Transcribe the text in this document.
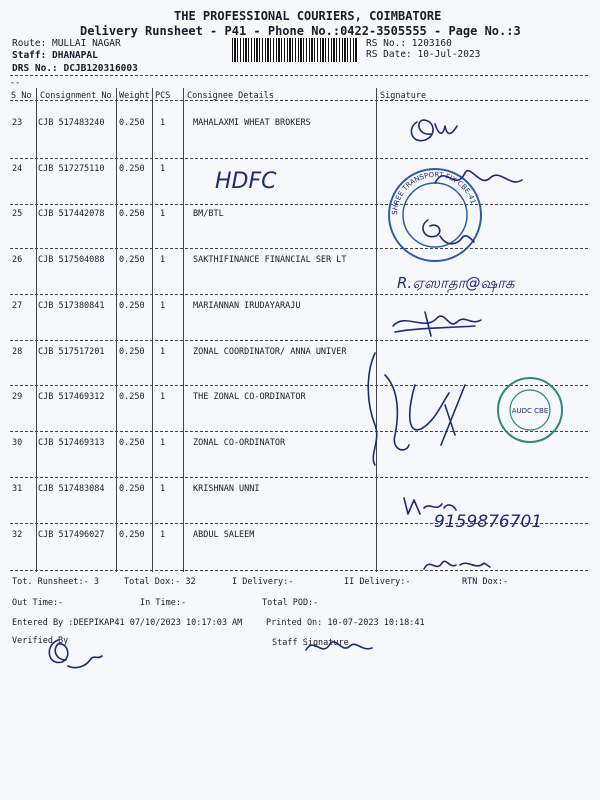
THE PROFESSIONAL COURIERS, COIMBATORE
Delivery Runsheet - P41 - Phone No.:0422-3505555 - Page No.:3
Route: MULLAI NAGAR
Staff: DHANAPAL
DRS No.: DCJB120316003
RS No.: 1203160
RS Date: 10-Jul-2023
--
S No Consignment No Weight PCS Consignee Details	Signature
23 CJB 517483240 0.250 1	MAHALAXMI WHEAT BROKERS
24 CJB 517275110 0.250 1
25 CJB 517442078 0.250 1	BM/BTL
26 CJB 517504088 0.250 1	SAKTHIFINANCE FINANCIAL SER LT
27 CJB 517380841 0.250 1	MARIANNAN IRUDAYARAJU
28 CJB 517517201 0.250 1	ZONAL COORDINATOR/ ANNA UNIVER
29 CJB 517469312 0.250 1	THE ZONAL CO-ORDINATOR
30 CJB 517469313 0.250 1	ZONAL CO-ORDINATOR
31 CJB 517483084 0.250 1	KRISHNAN UNNI
32 CJB 517496027 0.250 1	ABDUL SALEEM
HDFC
SHREE TRANSPORT FIX CBE-41
R.ஏஸாதா@ஷாக
AUDC CBE
9159876701
Tot. Runsheet:- 3	Total Dox:- 32	I Delivery:-	II Delivery:-	RTN Dox:-
Out Time:-	In Time:-	Total POD:-
Entered By :DEEPIKAP41 07/10/2023 10:17:03 AM	Printed On: 10-07-2023 10:18:41
Verified By	Staff Signature
